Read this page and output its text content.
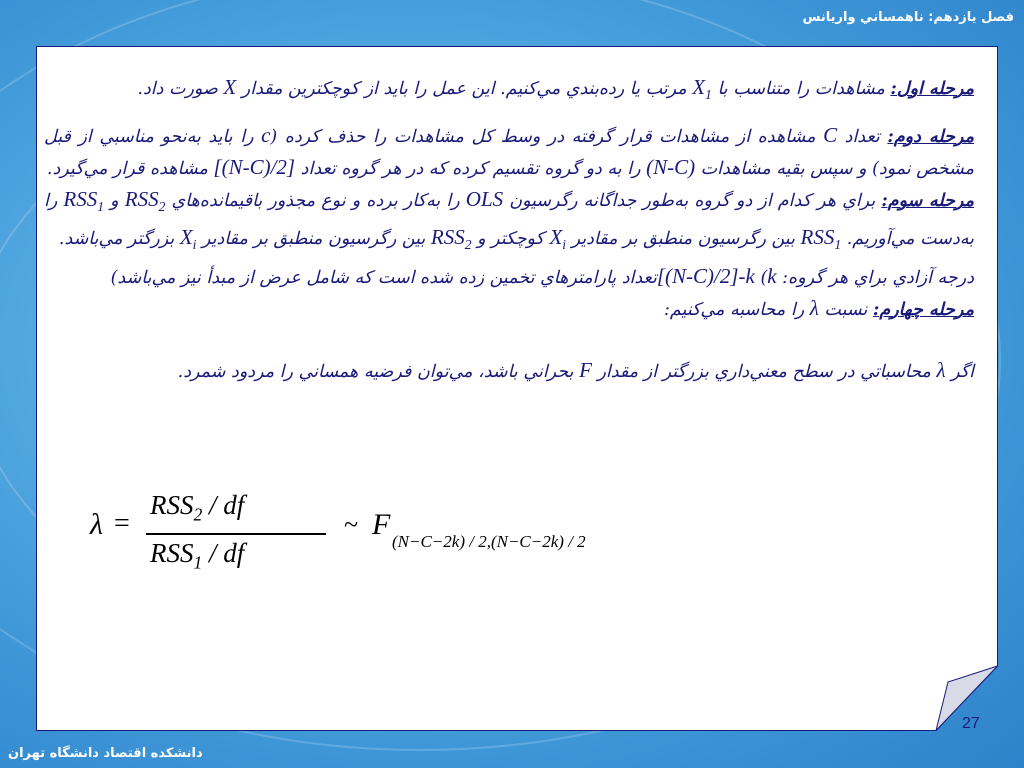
فصل يازدهم: ناهمساني واريانس

مرحله اول: مشاهدات را متناسب با $X_1$ مرتب يا رده‌بندي مي‌کنيم. اين عمل را بايد از کوچکترين مقدار X صورت داد.

مرحله دوم: تعداد C مشاهده از مشاهدات قرار گرفته در وسط کل مشاهدات را حذف کرده (c را بايد به‌نحو مناسبي از قبل مشخص نمود) و سپس بقيه مشاهدات (N-C) را به دو گروه تقسيم کرده که در هر گروه تعداد [(N-C)/2] مشاهده قرار مي‌گيرد.

مرحله سوم: براي هر کدام از دو گروه به‌طور جداگانه رگرسيون OLS را به‌کار برده و نوع مجذور باقيمانده‌هاي $RSS_2$ و $RSS_1$ را به‌دست مي‌آوريم. $RSS_1$ بين رگرسيون منطبق بر مقادير $X_i$ کوچکتر و $RSS_2$ بين رگرسيون منطبق بر مقادير $X_i$ بزرگتر مي‌باشد.

درجه آزادي براي هر گروه: [(N-C)/2]-k (kتعداد پارامترهاي تخمين زده شده است که شامل عرض از مبدأ نيز مي‌باشد)

مرحله چهارم: نسبت λ را محاسبه مي‌کنيم:

اگر λ محاسباتي در سطح معني‌داري بزرگتر از مقدار F بحراني باشد، مي‌توان فرضيه همساني را مردود شمرد.

λ =
$RSS_2$ / df
$RSS_1$ / df
~ F
(N−C−2k) / 2,(N−C−2k) / 2
27
دانشکده اقتصاد دانشگاه تهران
